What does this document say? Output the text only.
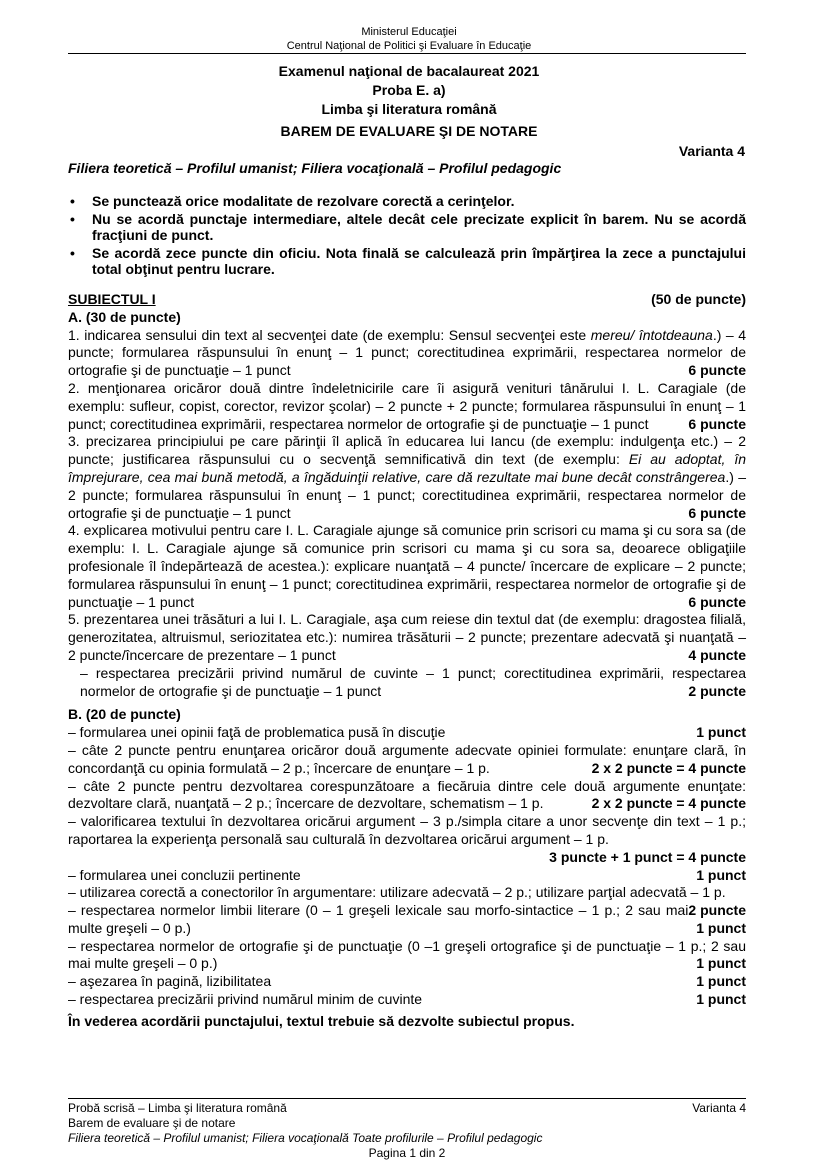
Ministerul Educaţiei
Centrul Naţional de Politici şi Evaluare în Educaţie
Examenul naţional de bacalaureat 2021
Proba E. a)
Limba şi literatura română
BAREM DE EVALUARE ŞI DE NOTARE
Varianta 4
Filiera teoretică – Profilul umanist; Filiera vocaţională – Profilul pedagogic
• Se punctează orice modalitate de rezolvare corectă a cerinţelor.
• Nu se acordă punctaje intermediare, altele decât cele precizate explicit în barem. Nu se acordă fracţiuni de punct.
• Se acordă zece puncte din oficiu. Nota finală se calculează prin împărţirea la zece a punctajului total obţinut pentru lucrare.
SUBIECTUL I	(50 de puncte)
A. (30 de puncte)
1. indicarea sensului din text al secvenţei date (de exemplu: Sensul secvenţei este mereu/ întotdeauna.) – 4 puncte; formularea răspunsului în enunţ – 1 punct; corectitudinea exprimării, respectarea normelor de ortografie şi de punctuaţie – 1 punct	6 puncte
2. menţionarea oricăror două dintre îndeletnicirile care îi asigură venituri tânărului I. L. Caragiale (de exemplu: sufleur, copist, corector, revizor şcolar) – 2 puncte + 2 puncte; formularea răspunsului în enunţ – 1 punct; corectitudinea exprimării, respectarea normelor de ortografie şi de punctuaţie – 1 punct	6 puncte
3. precizarea principiului pe care părinţii îl aplică în educarea lui Iancu (de exemplu: indulgenţa etc.) – 2 puncte; justificarea răspunsului cu o secvenţă semnificativă din text (de exemplu: Ei au adoptat, în împrejurare, cea mai bună metodă, a îngăduinţii relative, care dă rezultate mai bune decât constrângerea.) – 2 puncte; formularea răspunsului în enunţ – 1 punct; corectitudinea exprimării, respectarea normelor de ortografie şi de punctuaţie – 1 punct	6 puncte
4. explicarea motivului pentru care I. L. Caragiale ajunge să comunice prin scrisori cu mama şi cu sora sa (de exemplu: I. L. Caragiale ajunge să comunice prin scrisori cu mama şi cu sora sa, deoarece obligaţiile profesionale îl îndepărtează de acestea.): explicare nuanţată – 4 puncte/ încercare de explicare – 2 puncte; formularea răspunsului în enunţ – 1 punct; corectitudinea exprimării, respectarea normelor de ortografie şi de punctuaţie – 1 punct	6 puncte
5. prezentarea unei trăsături a lui I. L. Caragiale, aşa cum reiese din textul dat (de exemplu: dragostea filială, generozitatea, altruismul, seriozitatea etc.): numirea trăsăturii – 2 puncte; prezentare adecvată şi nuanţată – 2 puncte/încercare de prezentare – 1 punct	4 puncte
– respectarea precizării privind numărul de cuvinte – 1 punct; corectitudinea exprimării, respectarea normelor de ortografie şi de punctuaţie – 1 punct	2 puncte
B. (20 de puncte)
– formularea unei opinii faţă de problematica pusă în discuţie	1 punct
– câte 2 puncte pentru enunţarea oricăror două argumente adecvate opiniei formulate: enunţare clară, în concordanţă cu opinia formulată – 2 p.; încercare de enunţare – 1 p.	2 x 2 puncte = 4 puncte
– câte 2 puncte pentru dezvoltarea corespunzătoare a fiecăruia dintre cele două argumente enunţate: dezvoltare clară, nuanţată – 2 p.; încercare de dezvoltare, schematism – 1 p.	2 x 2 puncte = 4 puncte
– valorificarea textului în dezvoltarea oricărui argument – 3 p./simpla citare a unor secvenţe din text – 1 p.; raportarea la experienţa personală sau culturală în dezvoltarea oricărui argument – 1 p.
3 puncte + 1 punct = 4 puncte
– formularea unei concluzii pertinente	1 punct
– utilizarea corectă a conectorilor în argumentare: utilizare adecvată – 2 p.; utilizare parţial adecvată – 1 p.
2 puncte
– respectarea normelor limbii literare (0 – 1 greşeli lexicale sau morfo-sintactice – 1 p.; 2 sau mai multe greşeli – 0 p.)	1 punct
– respectarea normelor de ortografie şi de punctuaţie (0 –1 greşeli ortografice şi de punctuaţie – 1 p.; 2 sau mai multe greşeli – 0 p.)	1 punct
– aşezarea în pagină, lizibilitatea	1 punct
– respectarea precizării privind numărul minim de cuvinte	1 punct
În vederea acordării punctajului, textul trebuie să dezvolte subiectul propus.
Probă scrisă – Limba şi literatura română	Varianta 4
Barem de evaluare şi de notare
Filiera teoretică – Profilul umanist; Filiera vocaţională Toate profilurile – Profilul pedagogic
Pagina 1 din 2
